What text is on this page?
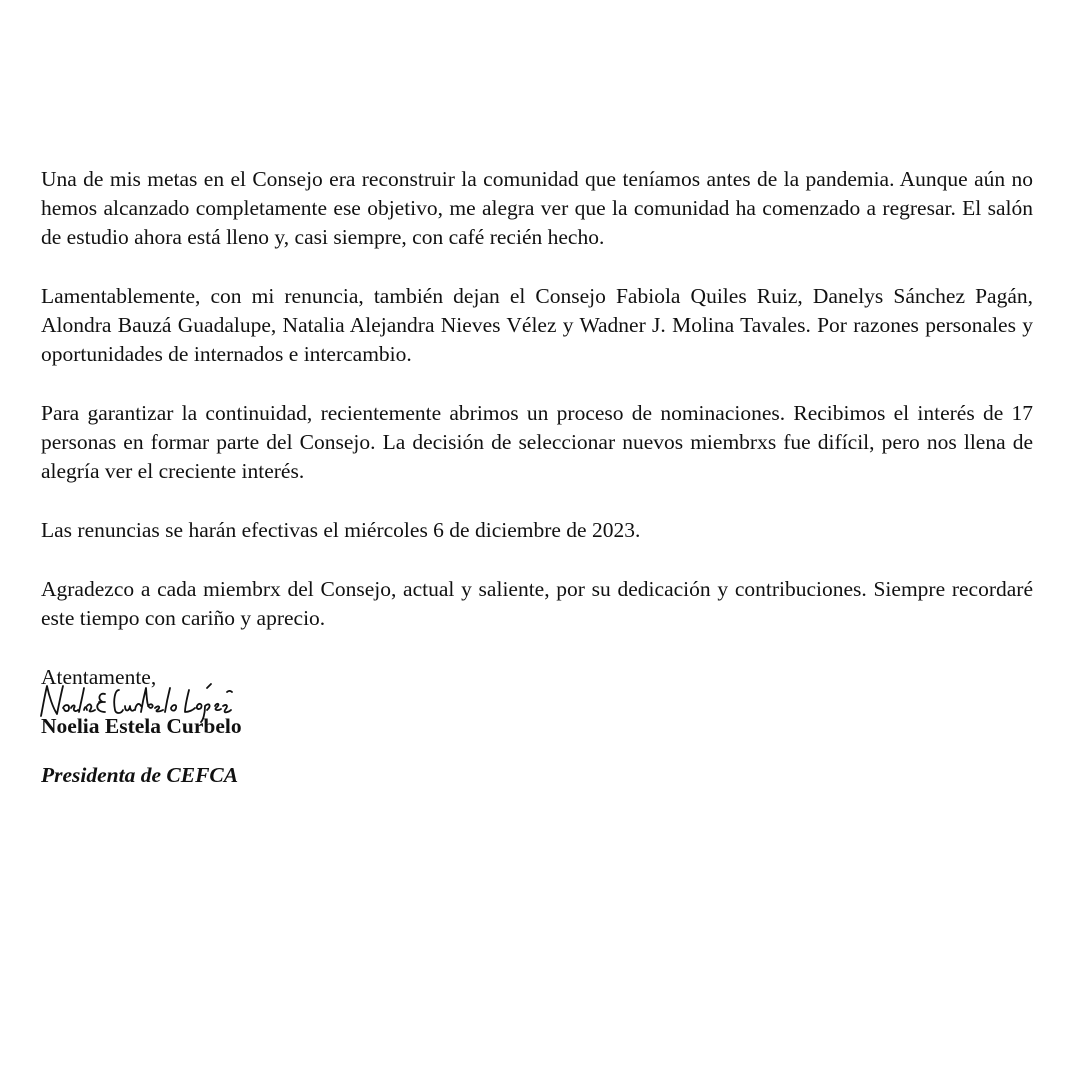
Una de mis metas en el Consejo era reconstruir la comunidad que teníamos antes de la pandemia. Aunque aún no hemos alcanzado completamente ese objetivo, me alegra ver que la comunidad ha comenzado a regresar. El salón de estudio ahora está lleno y, casi siempre, con café recién hecho.

Lamentablemente, con mi renuncia, también dejan el Consejo Fabiola Quiles Ruiz, Danelys Sánchez Pagán, Alondra Bauzá Guadalupe, Natalia Alejandra Nieves Vélez y Wadner J. Molina Tavales. Por razones personales y oportunidades de internados e intercambio.

Para garantizar la continuidad, recientemente abrimos un proceso de nominaciones. Recibimos el interés de 17 personas en formar parte del Consejo. La decisión de seleccionar nuevos miembrxs fue difícil, pero nos llena de alegría ver el creciente interés.

Las renuncias se harán efectivas el miércoles 6 de diciembre de 2023.

Agradezco a cada miembrx del Consejo, actual y saliente, por su dedicación y contribuciones. Siempre recordaré este tiempo con cariño y aprecio.

Atentamente,

Noelia Estela Curbelo

Presidenta de CEFCA
